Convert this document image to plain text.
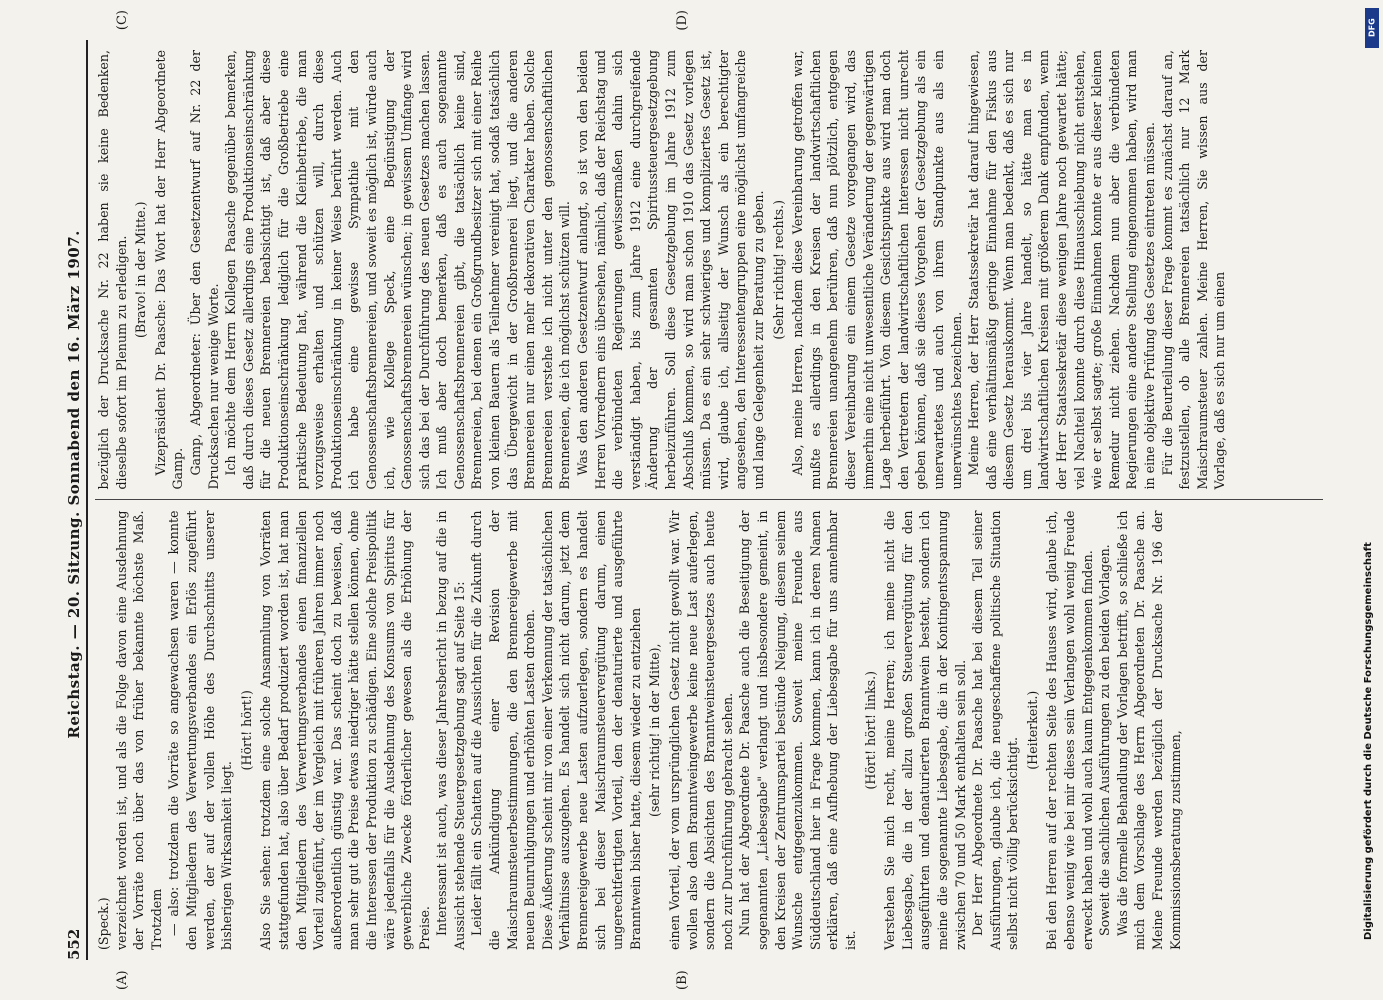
552
Reichstag. — 20. Sitzung. Sonnabend den 16. März 1907.

(Speck.) verzeichnet worden ist, und als die Folge davon eine Ausdehnung der Vorräte noch über das von früher bekannte höchste Maß. Trotzdem — also: trotzdem die Vorräte so angewachsen waren — konnte den Mitgliedern des Verwertungsverbandes ein Erlös zugeführt werden, der auf der vollen Höhe des Durchschnitts unserer bisherigen Wirksamkeit liegt.

(Hört! hört!) Also Sie sehen: trotzdem eine solche Ansammlung von Vorräten stattgefunden hat, also über Bedarf produziert worden ist, hat man den Mitgliedern des Verwertungsverbandes einen finanziellen Vorteil zugeführt, der im Vergleich mit früheren Jahren immer noch außerordentlich günstig war. Das scheint doch zu beweisen, daß man sehr gut die Preise etwas niedriger hätte stellen können, ohne die Interessen der Produktion zu schädigen. Eine solche Preispolitik wäre jedenfalls für die Ausdehnung des Konsums von Spiritus für gewerbliche Zwecke förderlicher gewesen als die Erhöhung der Preise. Interessant ist auch, was dieser Jahresbericht in bezug auf die in Aussicht stehende Steuergesetzgebung sagt auf Seite 15: Leider fällt ein Schatten auf die Aussichten für die Zukunft durch die Ankündigung einer Revision der Maischraumsteuerbestimmungen, die den Brennereigewerbe mit neuen Beunruhigungen und erhöhten Lasten drohen. Diese Äußerung scheint mir von einer Verkennung der tatsächlichen Verhältnisse auszugehen. Es handelt sich nicht darum, jetzt dem Brennereigewerbe neue Lasten aufzuerlegen, sondern es handelt sich bei dieser Maischraumsteuervergütung darum, einen ungerechtfertigten Vorteil, den der denaturierte und ausgeführte Branntwein bisher hatte, diesem wieder zu entziehen (sehr richtig! in der Mitte), einen Vorteil, der vom ursprünglichen Gesetz nicht gewollt war. Wir wollen also dem Branntweingewerbe keine neue Last auferlegen, sondern die Absichten des Branntweinsteuergesetzes auch heute noch zur Durchführung gebracht sehen. Nun hat der Abgeordnete Dr. Paasche auch die Beseitigung der sogenannten „Liebesgabe" verlangt und insbesondere gemeint, in den Kreisen der Zentrumspartei bestünde Neigung, diesem seinem Wunsche entgegenzukommen. Soweit meine Freunde aus Süddeutschland hier in Frage kommen, kann ich in deren Namen erklären, daß eine Aufhebung der Liebesgabe für uns annehmbar ist.

(Hört! hört! links.) Verstehen Sie mich recht, meine Herren; ich meine nicht die Liebesgabe, die in der allzu großen Steuervergütung für den ausgeführten und denaturierten Branntwein besteht, sondern ich meine die sogenannte Liebesgabe, die in der Kontingentsspannung zwischen 70 und 50 Mark enthalten sein soll. Der Herr Abgeordnete Dr. Paasche hat bei diesem Teil seiner Ausführungen, glaube ich, die neugeschaffene politische Situation selbst nicht völlig berücksichtigt.

(Heiterkeit.) Bei den Herren auf der rechten Seite des Hauses wird, glaube ich, ebenso wenig wie bei mir dieses sein Verlangen wohl wenig Freude erweckt haben und wohl auch kaum Entgegenkommen finden. Soweit die sachlichen Ausführungen zu den beiden Vorlagen. Was die formelle Behandlung der Vorlagen betrifft, so schließe ich mich dem Vorschlage des Herrn Abgeordneten Dr. Paasche an. Meine Freunde werden bezüglich der Drucksache Nr. 196 der Kommissionsberatung zustimmen,

bezüglich der Drucksache Nr. 22 haben sie keine Bedenken, dieselbe sofort im Plenum zu erledigen. (Bravo! in der Mitte.) Vizepräsident Dr. Paasche: Das Wort hat der Herr Abgeordnete Gamp. Gamp, Abgeordneter: Über den Gesetzentwurf auf Nr. 22 der Drucksachen nur wenige Worte. Ich möchte dem Herrn Kollegen Paasche gegenüber bemerken, daß durch dieses Gesetz allerdings eine Produktionseinschränkung für die neuen Brennereien beabsichtigt ist, daß aber diese Produktionseinschränkung lediglich für die Großbetriebe eine praktische Bedeutung hat, während die Kleinbetriebe, die man vorzugsweise erhalten und schützen will, durch diese Produktionseinschränkung in keiner Weise berührt werden. Auch ich habe eine gewisse Sympathie mit den Genossenschaftsbrennereien, und soweit es möglich ist, würde auch ich, wie Kollege Speck, eine Begünstigung der Genossenschaftsbrennereien wünschen; in gewissem Umfange wird sich das bei der Durchführung des neuen Gesetzes machen lassen. Ich muß aber doch bemerken, daß es auch sogenannte Genossenschaftsbrennereien gibt, die tatsächlich keine sind, Brennereien, bei denen ein Großgrundbesitzer sich mit einer Reihe von kleinen Bauern als Teilnehmer vereinigt hat, sodaß tatsächlich das Übergewicht in der Großbrennerei liegt, und die anderen Brennereien nur einen mehr dekorativen Charakter haben. Solche Brennereien verstehe ich nicht unter den genossenschaftlichen Brennereien, die ich möglichst schützen will. Was den anderen Gesetzentwurf anlangt, so ist von den beiden Herren Vorrednern eins übersehen, nämlich, daß der Reichstag und die verbündeten Regierungen gewissermaßen dahin sich verständigt haben, bis zum Jahre 1912 eine durchgreifende Änderung der gesamten Spiritussteuergesetzgebung herbeizuführen. Soll diese Gesetzgebung im Jahre 1912 zum Abschluß kommen, so wird man schon 1910 das Gesetz vorlegen müssen. Da es ein sehr schwieriges und kompliziertes Gesetz ist, wird, glaube ich, allseitig der Wunsch als ein berechtigter angesehen, den Interessentengruppen eine möglichst umfangreiche und lange Gelegenheit zur Beratung zu geben. (Sehr richtig! rechts.) Also, meine Herren, nachdem diese Vereinbarung getroffen war, mußte es allerdings in den Kreisen der landwirtschaftlichen Brennereien unangenehm berühren, daß nun plötzlich, entgegen dieser Vereinbarung ein einem Gesetze vorgegangen wird, das immerhin eine nicht unwesentliche Veränderung der gegenwärtigen Lage herbeiführt. Von diesem Gesichtspunkte aus wird man doch den Vertretern der landwirtschaftlichen Interessen nicht unrecht geben können, daß sie dieses Vorgehen der Gesetzgebung als ein unerwartetes und auch von ihrem Standpunkte aus als ein unerwünschtes bezeichnen. Meine Herren, der Herr Staatssekretär hat darauf hingewiesen, daß eine verhältnismäßig geringe Einnahme für den Fiskus aus diesem Gesetz herauskommt. Wenn man bedenkt, daß es sich nur um drei bis vier Jahre handelt, so hätte man es in landwirtschaftlichen Kreisen mit größerem Dank empfunden, wenn der Herr Staatssekretär diese wenigen Jahre noch gewartet hätte; viel Nachteil konnte durch diese Hinausschiebung nicht entstehen, wie er selbst sagte; große Einnahmen konnte er aus dieser kleinen Remedur nicht ziehen. Nachdem nun aber die verbündeten Regierungen eine andere Stellung eingenommen haben, wird man in eine objektive Prüfung des Gesetzes eintreten müssen. Für die Beurteilung dieser Frage kommt es zunächst darauf an, festzustellen, ob alle Brennereien tatsächlich nur 12 Mark Maischraumsteuer zahlen. Meine Herren, Sie wissen aus der Vorlage, daß es sich nur um einen

(A)	(B)
(C)	(D)	DFG
Digitalisierung gefördert durch die Deutsche Forschungsgemeinschaft
